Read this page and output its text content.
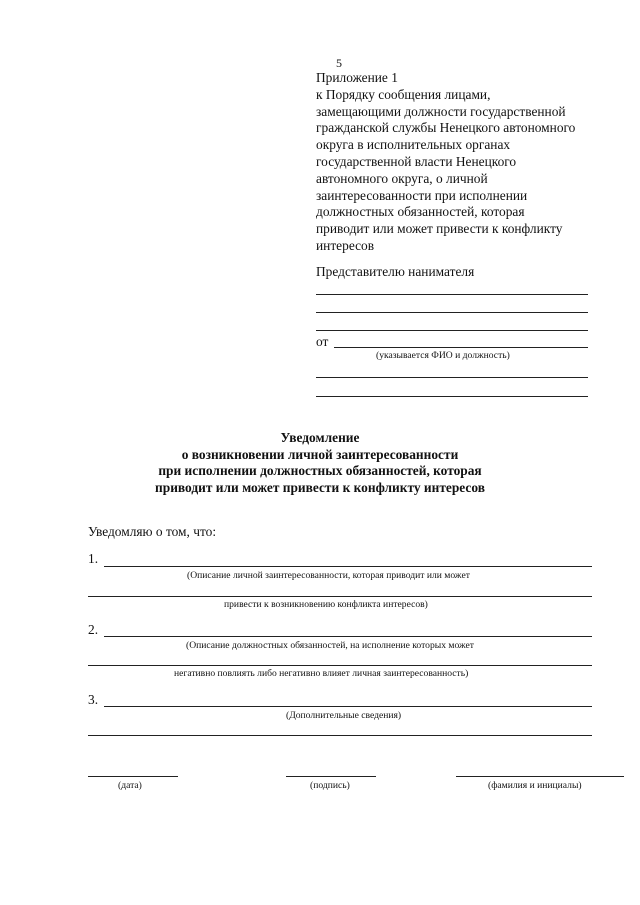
5
Приложение 1
к Порядку сообщения лицами,
замещающими должности государственной
гражданской службы Ненецкого автономного
округа в исполнительных органах
государственной власти Ненецкого
автономного округа, о личной
заинтересованности при исполнении
должностных обязанностей, которая
приводит или может привести к конфликту
интересов
Представителю нанимателя
от
(указывается ФИО и должность)
Уведомление
о возникновении личной заинтересованности
при исполнении должностных обязанностей, которая
приводит или может привести к конфликту интересов
Уведомляю о том, что:
1.
(Описание личной заинтересованности, которая приводит или может
привести к возникновению конфликта интересов)
2.
(Описание должностных обязанностей, на исполнение которых может
негативно повлиять либо негативно влияет личная заинтересованность)
3.
(Дополнительные сведения)
(дата)	(подпись)	(фамилия и инициалы)
